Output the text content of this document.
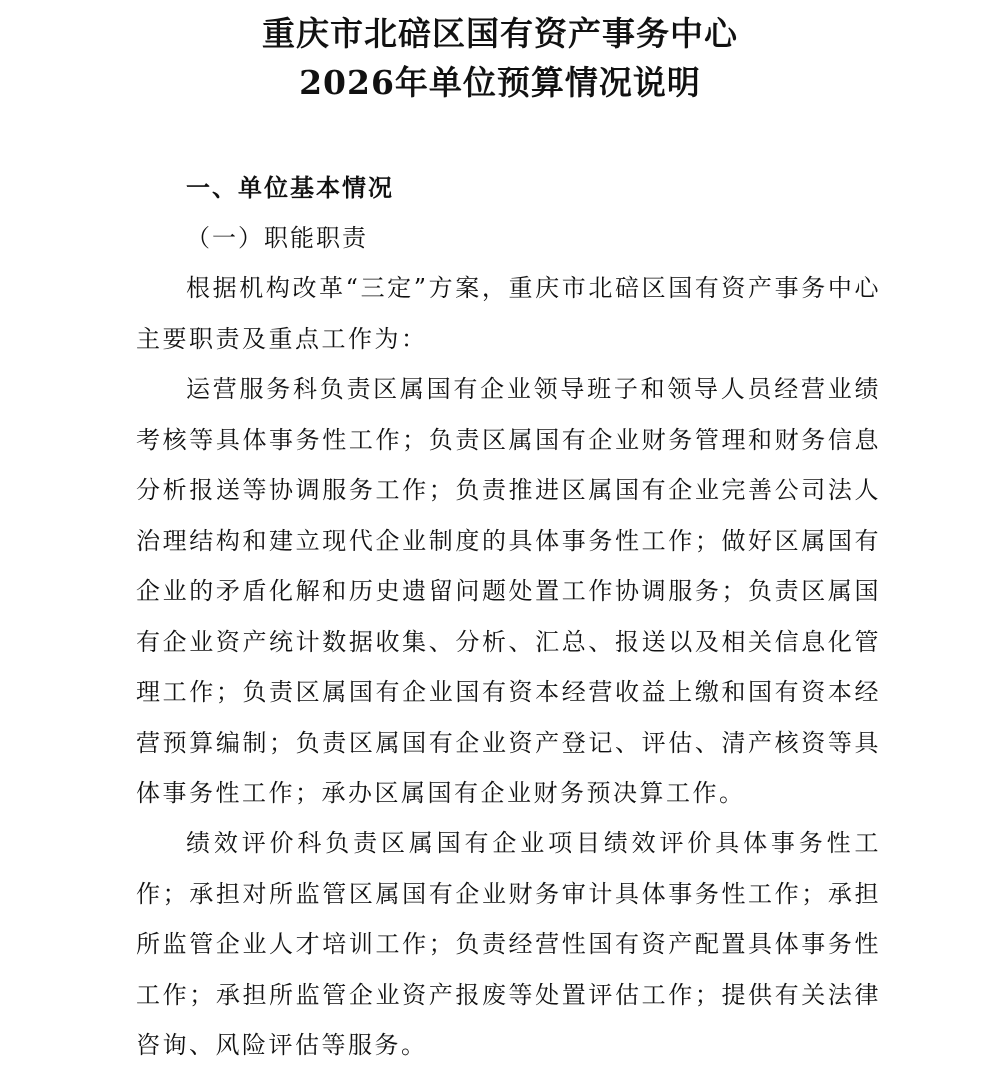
重庆市北碚区国有资产事务中心
2026年单位预算情况说明
一、单位基本情况
（一）职能职责

根据机构改革“三定”方案，重庆市北碚区国有资产事务中心主要职责及重点工作为：

运营服务科负责区属国有企业领导班子和领导人员经营业绩考核等具体事务性工作；负责区属国有企业财务管理和财务信息分析报送等协调服务工作；负责推进区属国有企业完善公司法人治理结构和建立现代企业制度的具体事务性工作；做好区属国有企业的矛盾化解和历史遗留问题处置工作协调服务；负责区属国有企业资产统计数据收集、分析、汇总、报送以及相关信息化管理工作；负责区属国有企业国有资本经营收益上缴和国有资本经营预算编制；负责区属国有企业资产登记、评估、清产核资等具体事务性工作；承办区属国有企业财务预决算工作。

绩效评价科负责区属国有企业项目绩效评价具体事务性工作；承担对所监管区属国有企业财务审计具体事务性工作；承担所监管企业人才培训工作；负责经营性国有资产配置具体事务性工作；承担所监管企业资产报废等处置评估工作；提供有关法律咨询、风险评估等服务。
